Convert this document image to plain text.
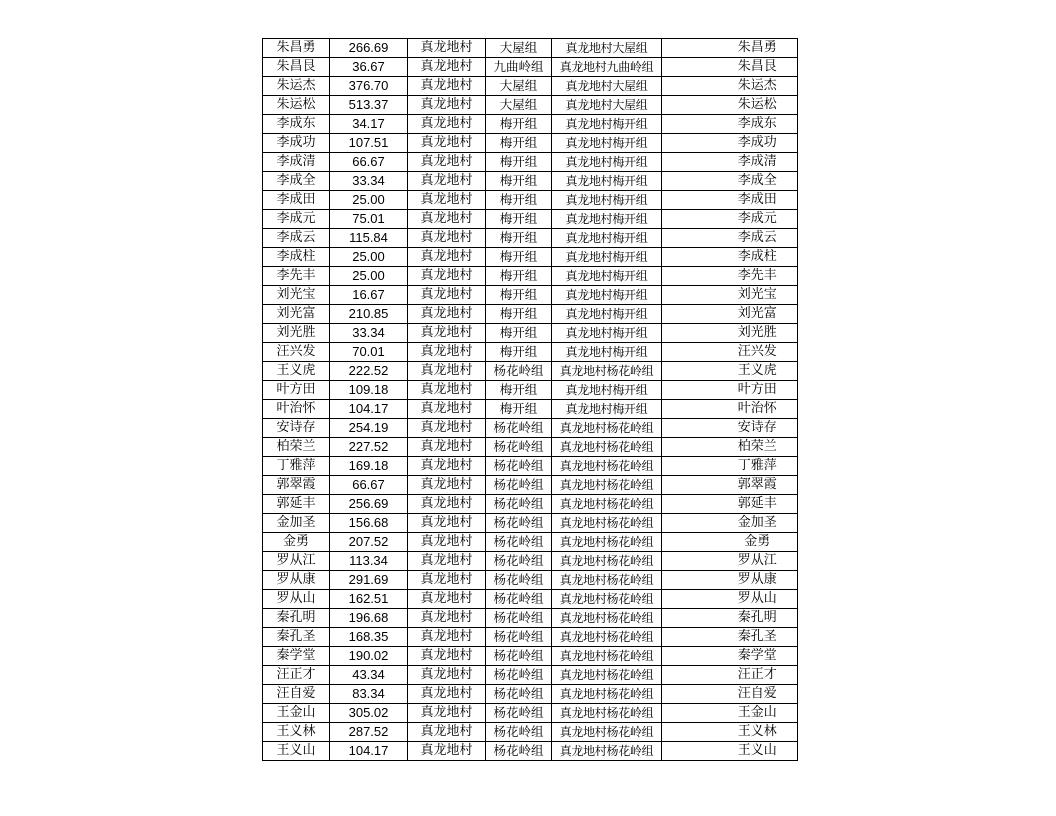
朱昌勇	266.69	真龙地村	大屋组	真龙地村大屋组		朱昌勇
朱昌艮	36.67	真龙地村	九曲岭组	真龙地村九曲岭组		朱昌艮
朱运杰	376.70	真龙地村	大屋组	真龙地村大屋组		朱运杰
朱运松	513.37	真龙地村	大屋组	真龙地村大屋组		朱运松
李成东	34.17	真龙地村	梅开组	真龙地村梅开组		李成东
李成功	107.51	真龙地村	梅开组	真龙地村梅开组		李成功
李成清	66.67	真龙地村	梅开组	真龙地村梅开组		李成清
李成全	33.34	真龙地村	梅开组	真龙地村梅开组		李成全
李成田	25.00	真龙地村	梅开组	真龙地村梅开组		李成田
李成元	75.01	真龙地村	梅开组	真龙地村梅开组		李成元
李成云	115.84	真龙地村	梅开组	真龙地村梅开组		李成云
李成柱	25.00	真龙地村	梅开组	真龙地村梅开组		李成柱
李先丰	25.00	真龙地村	梅开组	真龙地村梅开组		李先丰
刘光宝	16.67	真龙地村	梅开组	真龙地村梅开组		刘光宝
刘光富	210.85	真龙地村	梅开组	真龙地村梅开组		刘光富
刘光胜	33.34	真龙地村	梅开组	真龙地村梅开组		刘光胜
汪兴发	70.01	真龙地村	梅开组	真龙地村梅开组		汪兴发
王义虎	222.52	真龙地村	杨花岭组	真龙地村杨花岭组		王义虎
叶方田	109.18	真龙地村	梅开组	真龙地村梅开组		叶方田
叶治怀	104.17	真龙地村	梅开组	真龙地村梅开组		叶治怀
安诗存	254.19	真龙地村	杨花岭组	真龙地村杨花岭组		安诗存
柏荣兰	227.52	真龙地村	杨花岭组	真龙地村杨花岭组		柏荣兰
丁雅萍	169.18	真龙地村	杨花岭组	真龙地村杨花岭组		丁雅萍
郭翠霞	66.67	真龙地村	杨花岭组	真龙地村杨花岭组		郭翠霞
郭延丰	256.69	真龙地村	杨花岭组	真龙地村杨花岭组		郭延丰
金加圣	156.68	真龙地村	杨花岭组	真龙地村杨花岭组		金加圣
金勇	207.52	真龙地村	杨花岭组	真龙地村杨花岭组		金勇
罗从江	113.34	真龙地村	杨花岭组	真龙地村杨花岭组		罗从江
罗从康	291.69	真龙地村	杨花岭组	真龙地村杨花岭组		罗从康
罗从山	162.51	真龙地村	杨花岭组	真龙地村杨花岭组		罗从山
秦孔明	196.68	真龙地村	杨花岭组	真龙地村杨花岭组		秦孔明
秦孔圣	168.35	真龙地村	杨花岭组	真龙地村杨花岭组		秦孔圣
秦学堂	190.02	真龙地村	杨花岭组	真龙地村杨花岭组		秦学堂
汪正才	43.34	真龙地村	杨花岭组	真龙地村杨花岭组		汪正才
汪自爱	83.34	真龙地村	杨花岭组	真龙地村杨花岭组		汪自爱
王金山	305.02	真龙地村	杨花岭组	真龙地村杨花岭组		王金山
王义林	287.52	真龙地村	杨花岭组	真龙地村杨花岭组		王义林
王义山	104.17	真龙地村	杨花岭组	真龙地村杨花岭组		王义山
